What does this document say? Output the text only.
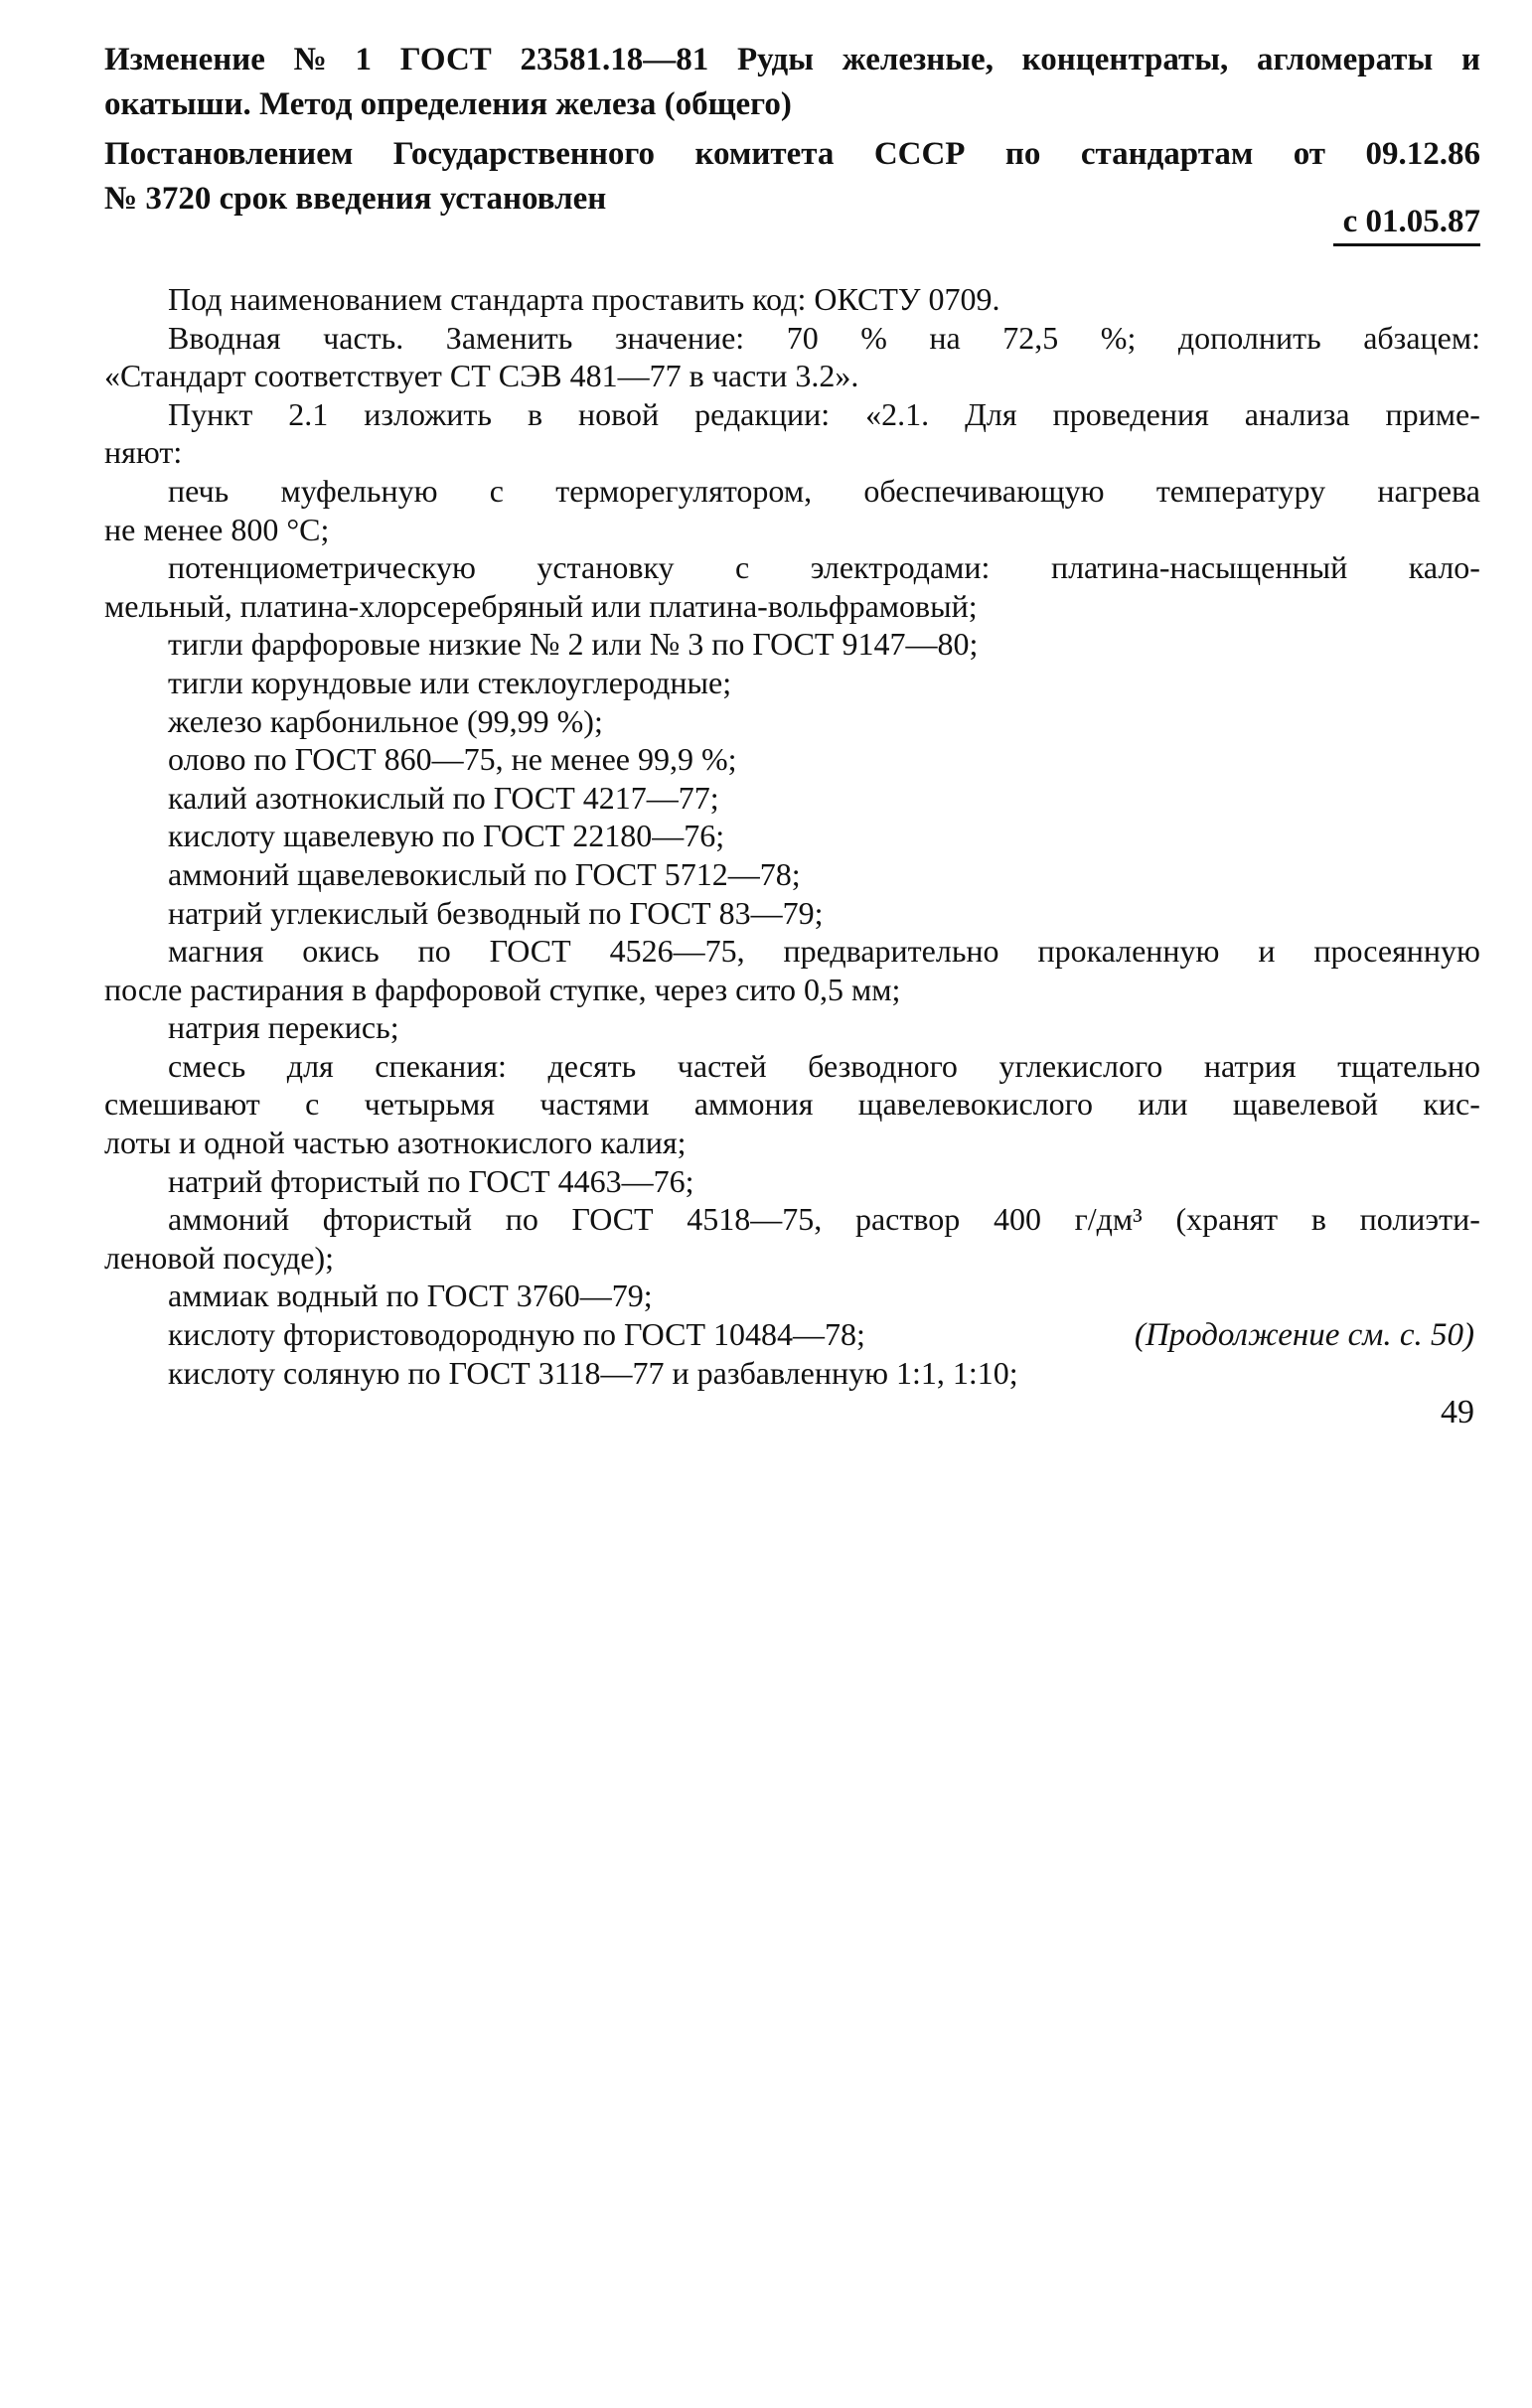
Изменение № 1 ГОСТ 23581.18—81 Руды железные, концентраты, агломераты и
окатыши. Метод определения железа (общего)
Постановлением Государственного комитета СССР по стандартам от 09.12.86
№ 3720 срок введения установлен
с 01.05.87
Под наименованием стандарта проставить код: ОКСТУ 0709.
Вводная часть. Заменить значение: 70 % на 72,5 %; дополнить абзацем:
«Стандарт соответствует СТ СЭВ 481—77 в части 3.2».
Пункт 2.1 изложить в новой редакции: «2.1. Для проведения анализа приме-
няют:
печь муфельную с терморегулятором, обеспечивающую температуру нагрева
не менее 800 °С;
потенциометрическую установку с электродами: платина-насыщенный кало-
мельный, платина-хлорсеребряный или платина-вольфрамовый;
тигли фарфоровые низкие № 2 или № 3 по ГОСТ 9147—80;
тигли корундовые или стеклоуглеродные;
железо карбонильное (99,99 %);
олово по ГОСТ 860—75, не менее 99,9 %;
калий азотнокислый по ГОСТ 4217—77;
кислоту щавелевую по ГОСТ 22180—76;
аммоний щавелевокислый по ГОСТ 5712—78;
натрий углекислый безводный по ГОСТ 83—79;
магния окись по ГОСТ 4526—75, предварительно прокаленную и просеянную
после растирания в фарфоровой ступке, через сито 0,5 мм;
натрия перекись;
смесь для спекания: десять частей безводного углекислого натрия тщательно
смешивают с четырьмя частями аммония щавелевокислого или щавелевой кис-
лоты и одной частью азотнокислого калия;
натрий фтористый по ГОСТ 4463—76;
аммоний фтористый по ГОСТ 4518—75, раствор 400 г/дм³ (хранят в полиэти-
леновой посуде);
аммиак водный по ГОСТ 3760—79;
кислоту фтористоводородную по ГОСТ 10484—78;
кислоту соляную по ГОСТ 3118—77 и разбавленную 1:1, 1:10;
(Продолжение см. с. 50)
49
